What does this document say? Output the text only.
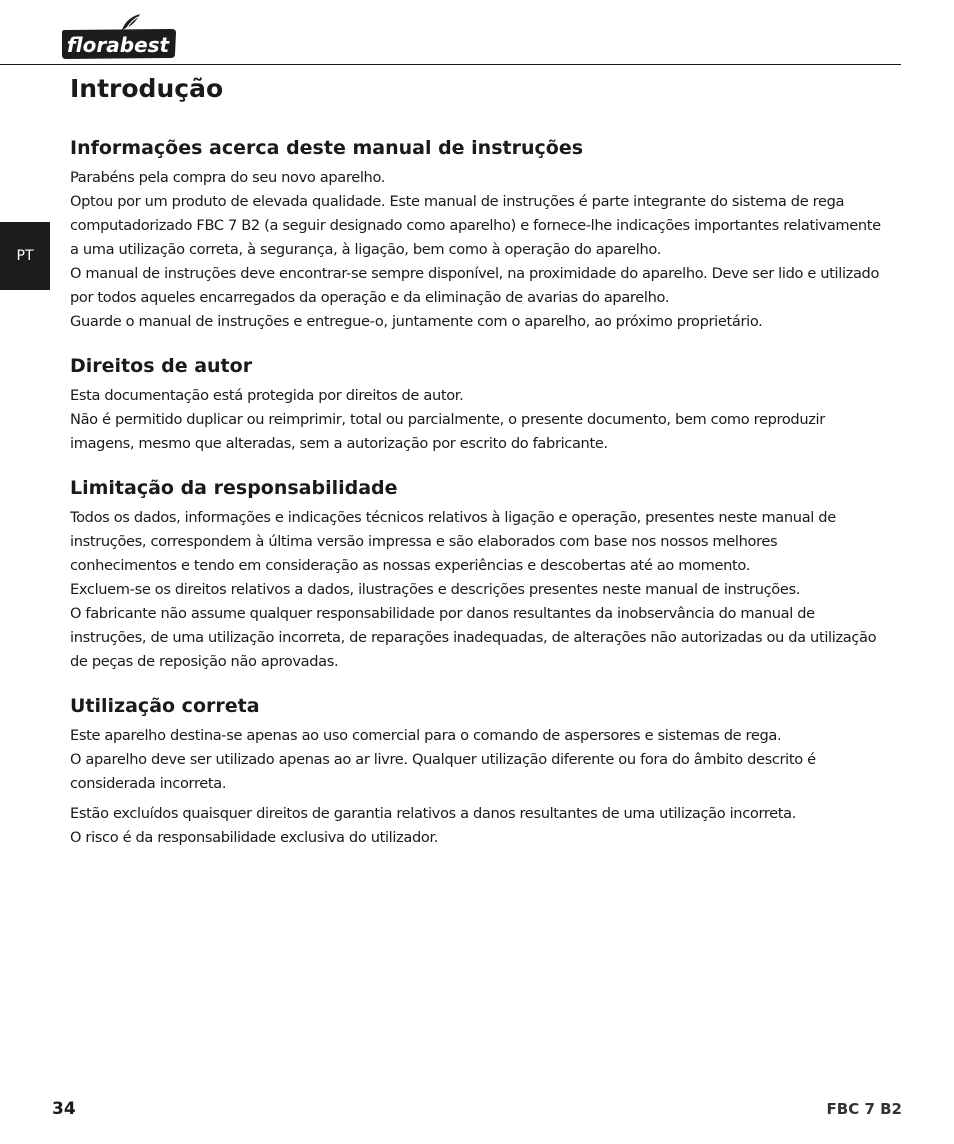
florabest
PT
Introdução
Informações acerca deste manual de instruções

Parabéns pela compra do seu novo aparelho.

Optou por um produto de elevada qualidade. Este manual de instruções é parte integrante do sistema de rega computadorizado FBC 7 B2 (a seguir designado como aparelho) e fornece-lhe indicações importantes relativamente a uma utilização correta, à segurança, à ligação, bem como à operação do aparelho.

O manual de instruções deve encontrar-se sempre disponível, na proximidade do aparelho. Deve ser lido e utilizado por todos aqueles encarregados da operação e da eliminação de avarias do aparelho.

Guarde o manual de instruções e entregue-o, juntamente com o aparelho, ao próximo proprietário.

Direitos de autor

Esta documentação está protegida por direitos de autor.

Não é permitido duplicar ou reimprimir, total ou parcialmente, o presente documento, bem como reproduzir imagens, mesmo que alteradas, sem a autorização por escrito do fabricante.

Limitação da responsabilidade

Todos os dados, informações e indicações técnicos relativos à ligação e operação, presentes neste manual de instruções, correspondem à última versão impressa e são elaborados com base nos nossos melhores conhecimentos e tendo em consideração as nossas experiências e descobertas até ao momento.

Excluem-se os direitos relativos a dados, ilustrações e descrições presentes neste manual de instruções.

O fabricante não assume qualquer responsabilidade por danos resultantes da inobservância do manual de instruções, de uma utilização incorreta, de reparações inadequadas, de alterações não autorizadas ou da utilização de peças de reposição não aprovadas.

Utilização correta

Este aparelho destina-se apenas ao uso comercial para o comando de aspersores e sistemas de rega.

O aparelho deve ser utilizado apenas ao ar livre. Qualquer utilização diferente ou fora do âmbito descrito é considerada incorreta.

Estão excluídos quaisquer direitos de garantia relativos a danos resultantes de uma utilização incorreta.

O risco é da responsabilidade exclusiva do utilizador.

34	FBC 7 B2
